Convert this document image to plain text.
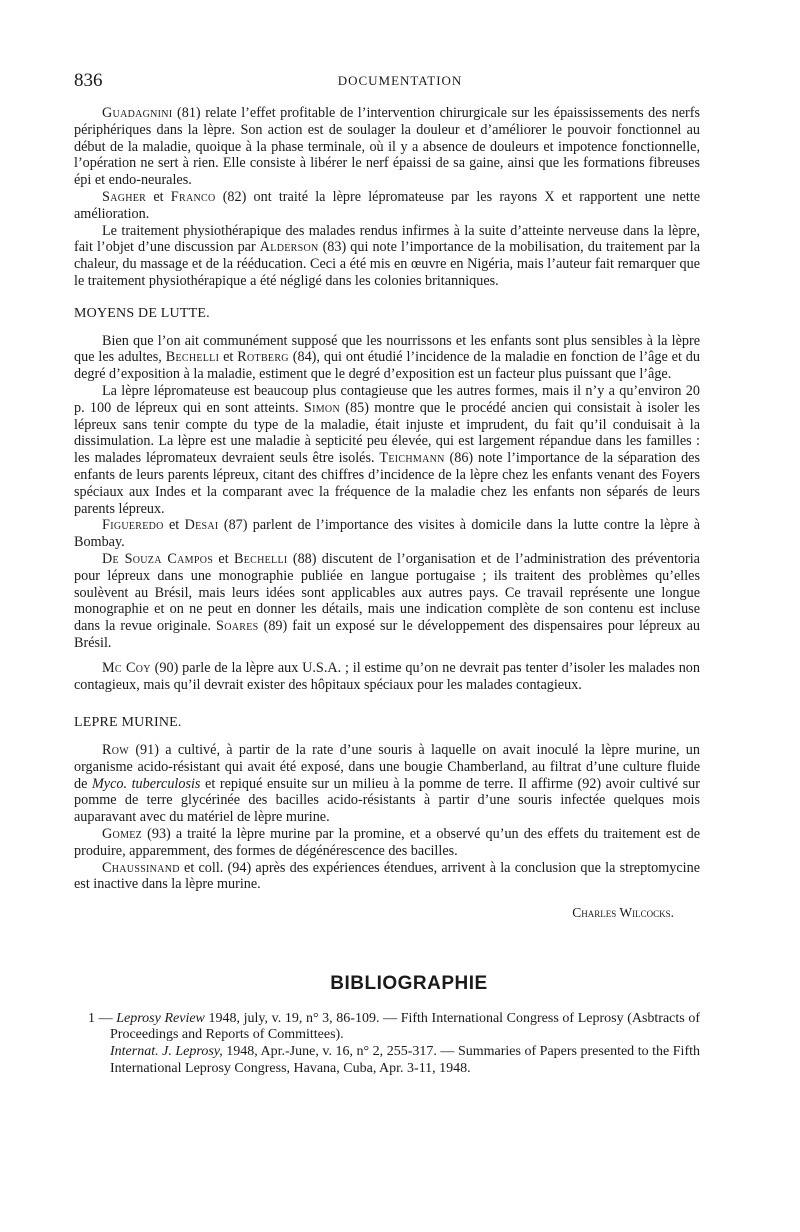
836	DOCUMENTATION

Guadagnini (81) relate l’effet profitable de l’intervention chirurgicale sur les épaississements des nerfs périphériques dans la lèpre. Son action est de soulager la douleur et d’améliorer le pouvoir fonctionnel au début de la maladie, quoique à la phase terminale, où il y a absence de douleurs et impotence fonctionnelle, l’opération ne sert à rien. Elle consiste à libérer le nerf épaissi de sa gaine, ainsi que les formations fibreuses épi et endo-neurales.

Sagher et Franco (82) ont traité la lèpre lépromateuse par les rayons X et rapportent une nette amélioration.

Le traitement physiothérapique des malades rendus infirmes à la suite d’atteinte nerveuse dans la lèpre, fait l’objet d’une discussion par Alderson (83) qui note l’importance de la mobilisation, du traitement par la chaleur, du massage et de la rééducation. Ceci a été mis en œuvre en Nigéria, mais l’auteur fait remarquer que le traitement physiothérapique a été négligé dans les colonies britanniques.

MOYENS DE LUTTE.

Bien que l’on ait communément supposé que les nourrissons et les enfants sont plus sensibles à la lèpre que les adultes, Bechelli et Rotberg (84), qui ont étudié l’incidence de la maladie en fonction de l’âge et du degré d’exposition à la maladie, estiment que le degré d’exposition est un facteur plus puissant que l’âge.

La lèpre lépromateuse est beaucoup plus contagieuse que les autres formes, mais il n’y a qu’environ 20 p. 100 de lépreux qui en sont atteints. Simon (85) montre que le procédé ancien qui consistait à isoler les lépreux sans tenir compte du type de la maladie, était injuste et imprudent, du fait qu’il conduisait à la dissimulation. La lèpre est une maladie à septicité peu élevée, qui est largement répandue dans les familles : les malades lépromateux devraient seuls être isolés. Teichmann (86) note l’importance de la séparation des enfants de leurs parents lépreux, citant des chiffres d’incidence de la lèpre chez les enfants venant des Foyers spéciaux aux Indes et la comparant avec la fréquence de la maladie chez les enfants non séparés de leurs parents lépreux.

Figueredo et Desai (87) parlent de l’importance des visites à domicile dans la lutte contre la lèpre à Bombay.

De Souza Campos et Bechelli (88) discutent de l’organisation et de l’administration des préventoria pour lépreux dans une monographie publiée en langue portugaise ; ils traitent des problèmes qu’elles soulèvent au Brésil, mais leurs idées sont applicables aux autres pays. Ce travail représente une longue monographie et on ne peut en donner les détails, mais une indication complète de son contenu est incluse dans la revue originale. Soares (89) fait un exposé sur le développement des dispensaires pour lépreux au Brésil.

Mc Coy (90) parle de la lèpre aux U.S.A. ; il estime qu’on ne devrait pas tenter d’isoler les malades non contagieux, mais qu’il devrait exister des hôpitaux spéciaux pour les malades contagieux.

LEPRE MURINE.

Row (91) a cultivé, à partir de la rate d’une souris à laquelle on avait inoculé la lèpre murine, un organisme acido-résistant qui avait été exposé, dans une bougie Chamberland, au filtrat d’une culture fluide de Myco. tuberculosis et repiqué ensuite sur un milieu à la pomme de terre. Il affirme (92) avoir cultivé sur pomme de terre glycérinée des bacilles acido-résistants à partir d’une souris infectée quelques mois auparavant avec du matériel de lèpre murine.

Gomez (93) a traité la lèpre murine par la promine, et a observé qu’un des effets du traitement est de produire, apparemment, des formes de dégénérescence des bacilles.

Chaussinand et coll. (94) après des expériences étendues, arrivent à la conclusion que la streptomycine est inactive dans la lèpre murine.

Charles Wilcocks.
BIBLIOGRAPHIE

1 — Leprosy Review 1948, july, v. 19, n° 3, 86-109. — Fifth International Congress of Leprosy (Asbtracts of Proceedings and Reports of Committees).

Internat. J. Leprosy, 1948, Apr.-June, v. 16, n° 2, 255-317. — Summaries of Papers presented to the Fifth International Leprosy Congress, Havana, Cuba, Apr. 3-11, 1948.
